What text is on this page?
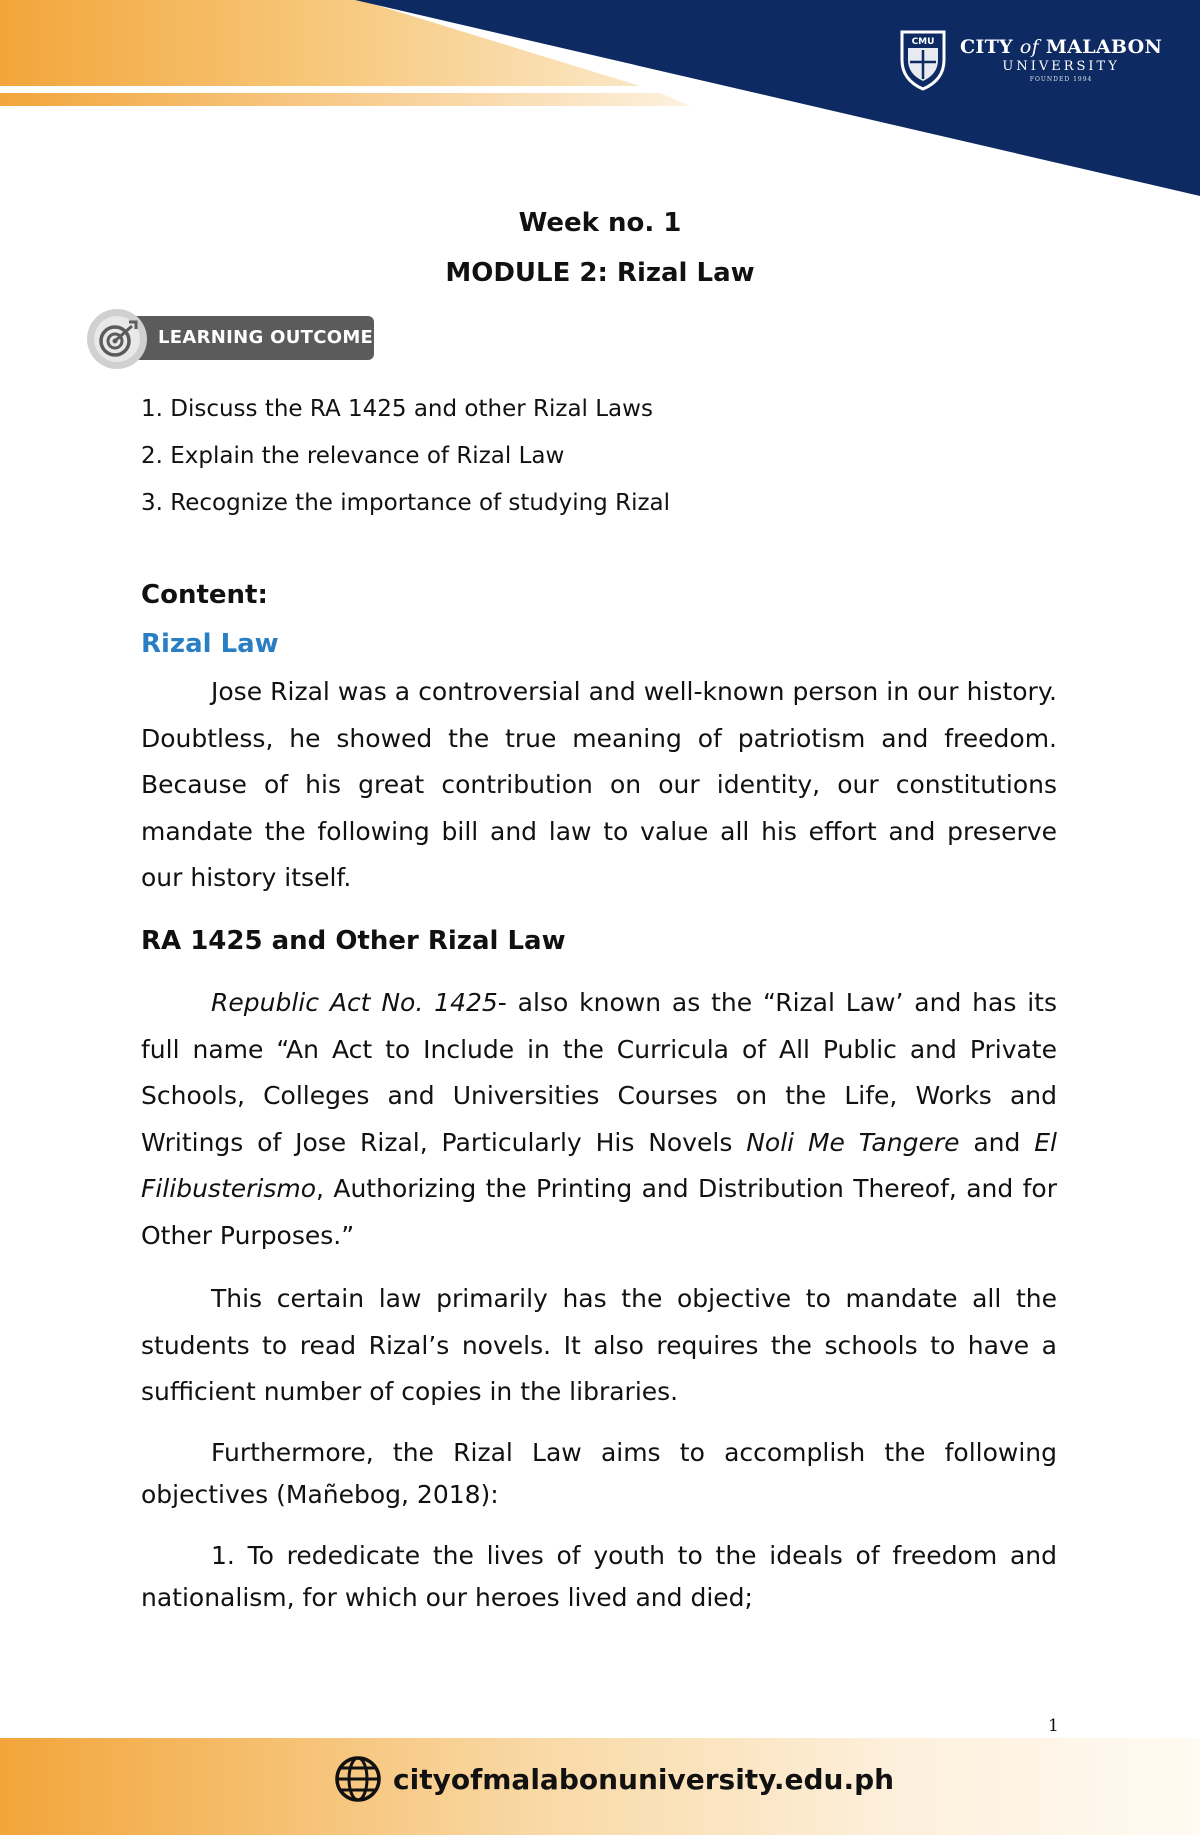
CMU CITY of MALABON
UNIVERSITY
FOUNDED 1994
Week no. 1
MODULE 2: Rizal Law
LEARNING OUTCOME
1. Discuss the RA 1425 and other Rizal Laws
2. Explain the relevance of Rizal Law
3. Recognize the importance of studying Rizal
Content:
Rizal Law

Jose Rizal was a controversial and well-known person in our history. Doubtless, he showed the true meaning of patriotism and freedom. Because of his great contribution on our identity, our constitutions mandate the following bill and law to value all his effort and preserve our history itself.

RA 1425 and Other Rizal Law

Republic Act No. 1425- also known as the “Rizal Law’ and has its full name “An Act to Include in the Curricula of All Public and Private Schools, Colleges and Universities Courses on the Life, Works and Writings of Jose Rizal, Particularly His Novels Noli Me Tangere and El Filibusterismo, Authorizing the Printing and Distribution Thereof, and for Other Purposes.”

This certain law primarily has the objective to mandate all the students to read Rizal’s novels. It also requires the schools to have a sufficient number of copies in the libraries.

Furthermore, the Rizal Law aims to accomplish the following objectives (Mañebog, 2018):

1. To rededicate the lives of youth to the ideals of freedom and nationalism, for which our heroes lived and died;

1
cityofmalabonuniversity.edu.ph
